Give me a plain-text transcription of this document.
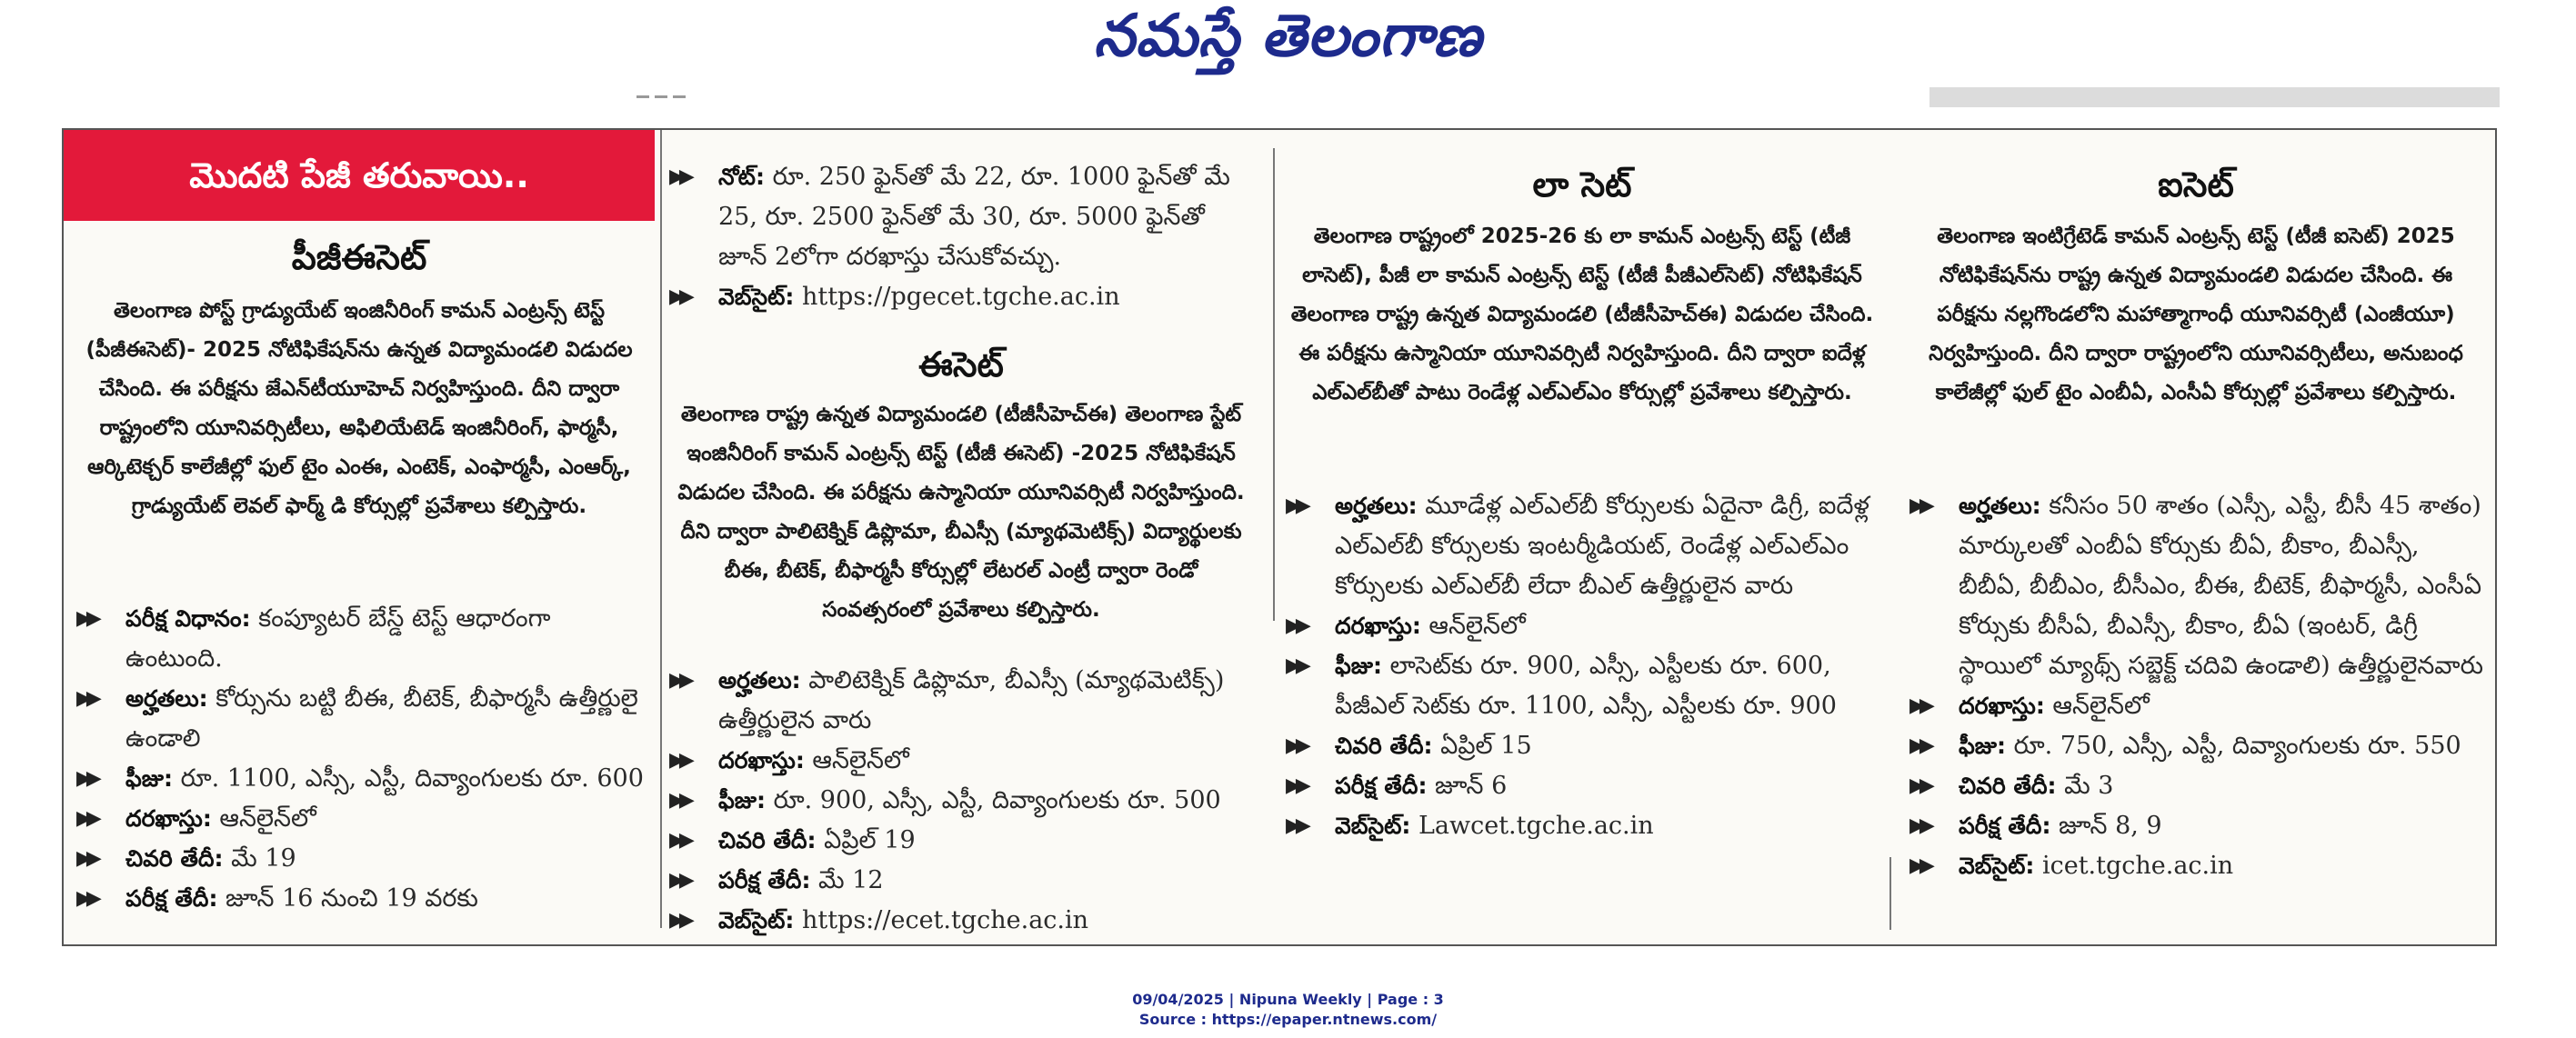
నమస్తే తెలంగాణ
మొదటి పేజీ తరువాయి..
పీజీఈసెట్
తెలంగాణ పోస్ట్ గ్రాడ్యుయేట్ ఇంజినీరింగ్ కామన్ ఎంట్రన్స్ టెస్ట్ (పీజీఈసెట్)- 2025 నోటిఫికేషన్‌ను ఉన్నత విద్యామండలి విడుదల చేసింది. ఈ పరీక్షను జేఎన్‌టీయూహెచ్ నిర్వహిస్తుంది. దీని ద్వారా రాష్ట్రంలోని యూనివర్సిటీలు, అఫిలియేటెడ్ ఇంజినీరింగ్, ఫార్మసీ, ఆర్కిటెక్చర్ కాలేజీల్లో ఫుల్ టైం ఎంఈ, ఎంటెక్, ఎంఫార్మసీ, ఎంఆర్క్, గ్రాడ్యుయేట్ లెవల్ ఫార్మ్ డి కోర్సుల్లో ప్రవేశాలు కల్పిస్తారు.
▶▶ పరీక్ష విధానం: కంప్యూటర్ బేస్డ్ టెస్ట్ ఆధారంగా ఉంటుంది.
▶▶ అర్హతలు: కోర్సును బట్టి బీఈ, బీటెక్, బీఫార్మసీ ఉత్తీర్ణులై ఉండాలి
▶▶ ఫీజు: రూ. 1100, ఎస్సీ, ఎస్టీ, దివ్యాంగులకు రూ. 600
▶▶ దరఖాస్తు: ఆన్‌లైన్‌లో
▶▶ చివరి తేదీ: మే 19
▶▶ పరీక్ష తేదీ: జూన్ 16 నుంచి 19 వరకు
▶▶ నోట్: రూ. 250 ఫైన్‌తో మే 22, రూ. 1000 ఫైన్‌తో మే 25, రూ. 2500 ఫైన్‌తో మే 30, రూ. 5000 ఫైన్‌తో జూన్ 2లోగా దరఖాస్తు చేసుకోవచ్చు.
▶▶ వెబ్‌సైట్: https://pgecet.tgche.ac.in
ఈసెట్
తెలంగాణ రాష్ట్ర ఉన్నత విద్యామండలి (టీజీసీహెచ్ఈ) తెలంగాణ స్టేట్ ఇంజినీరింగ్ కామన్ ఎంట్రన్స్ టెస్ట్ (టీజీ ఈసెట్) -2025 నోటిఫికేషన్ విడుదల చేసింది. ఈ పరీక్షను ఉస్మానియా యూనివర్సిటీ నిర్వహిస్తుంది. దీని ద్వారా పాలిటెక్నిక్ డిప్లొమా, బీఎస్సీ (మ్యాథమెటిక్స్) విద్యార్థులకు బీఈ, బీటెక్, బీఫార్మసీ కోర్సుల్లో లేటరల్ ఎంట్రీ ద్వారా రెండో సంవత్సరంలో ప్రవేశాలు కల్పిస్తారు.
▶▶ అర్హతలు: పాలిటెక్నిక్ డిప్లొమా, బీఎస్సీ (మ్యాథమెటిక్స్) ఉత్తీర్ణులైన వారు
▶▶ దరఖాస్తు: ఆన్‌లైన్‌లో
▶▶ ఫీజు: రూ. 900, ఎస్సీ, ఎస్టీ, దివ్యాంగులకు రూ. 500
▶▶ చివరి తేదీ: ఏప్రిల్ 19
▶▶ పరీక్ష తేదీ: మే 12
▶▶ వెబ్‌సైట్: https://ecet.tgche.ac.in
లా సెట్
తెలంగాణ రాష్ట్రంలో 2025-26 కు లా కామన్ ఎంట్రన్స్ టెస్ట్ (టీజీ లాసెట్), పీజీ లా కామన్ ఎంట్రన్స్ టెస్ట్ (టీజీ పీజీఎల్‌సెట్) నోటిఫికేషన్ తెలంగాణ రాష్ట్ర ఉన్నత విద్యామండలి (టీజీసీహెచ్ఈ) విడుదల చేసింది. ఈ పరీక్షను ఉస్మానియా యూనివర్సిటీ నిర్వహిస్తుంది. దీని ద్వారా ఐదేళ్ల ఎల్ఎల్‌బీతో పాటు రెండేళ్ల ఎల్ఎల్ఎం కోర్సుల్లో ప్రవేశాలు కల్పిస్తారు.
▶▶ అర్హతలు: మూడేళ్ల ఎల్ఎల్‌బీ కోర్సులకు ఏదైనా డిగ్రీ, ఐదేళ్ల ఎల్ఎల్‌బీ కోర్సులకు ఇంటర్మీడియట్, రెండేళ్ల ఎల్ఎల్ఎం కోర్సులకు ఎల్ఎల్‌బీ లేదా బీఎల్ ఉత్తీర్ణులైన వారు
▶▶ దరఖాస్తు: ఆన్‌లైన్‌లో
▶▶ ఫీజు: లాసెట్‌కు రూ. 900, ఎస్సీ, ఎస్టీలకు రూ. 600, పీజీఎల్ సెట్‌కు రూ. 1100, ఎస్సీ, ఎస్టీలకు రూ. 900
▶▶ చివరి తేదీ: ఏప్రిల్ 15
▶▶ పరీక్ష తేదీ: జూన్ 6
▶▶ వెబ్‌సైట్: Lawcet.tgche.ac.in
ఐసెట్
తెలంగాణ ఇంటిగ్రేటెడ్ కామన్ ఎంట్రన్స్ టెస్ట్ (టీజీ ఐసెట్) 2025 నోటిఫికేషన్‌ను రాష్ట్ర ఉన్నత విద్యామండలి విడుదల చేసింది. ఈ పరీక్షను నల్లగొండలోని మహాత్మాగాంధీ యూనివర్సిటీ (ఎంజీయూ) నిర్వహిస్తుంది. దీని ద్వారా రాష్ట్రంలోని యూనివర్సిటీలు, అనుబంధ కాలేజీల్లో ఫుల్ టైం ఎంబీఏ, ఎంసీఏ కోర్సుల్లో ప్రవేశాలు కల్పిస్తారు.
▶▶ అర్హతలు: కనీసం 50 శాతం (ఎస్సీ, ఎస్టీ, బీసీ 45 శాతం) మార్కులతో ఎంబీఏ కోర్సుకు బీఏ, బీకాం, బీఎస్సీ, బీబీఏ, బీబీఎం, బీసీఎం, బీఈ, బీటెక్, బీఫార్మసీ, ఎంసీఏ కోర్సుకు బీసీఏ, బీఎస్సీ, బీకాం, బీఏ (ఇంటర్, డిగ్రీ స్థాయిలో మ్యాథ్స్ సబ్జెక్ట్ చదివి ఉండాలి) ఉత్తీర్ణులైనవారు
▶▶ దరఖాస్తు: ఆన్‌లైన్‌లో
▶▶ ఫీజు: రూ. 750, ఎస్సీ, ఎస్టీ, దివ్యాంగులకు రూ. 550
▶▶ చివరి తేదీ: మే 3
▶▶ పరీక్ష తేదీ: జూన్ 8, 9
▶▶ వెబ్‌సైట్: icet.tgche.ac.in
09/04/2025 | Nipuna Weekly | Page : 3
Source : https://epaper.ntnews.com/
